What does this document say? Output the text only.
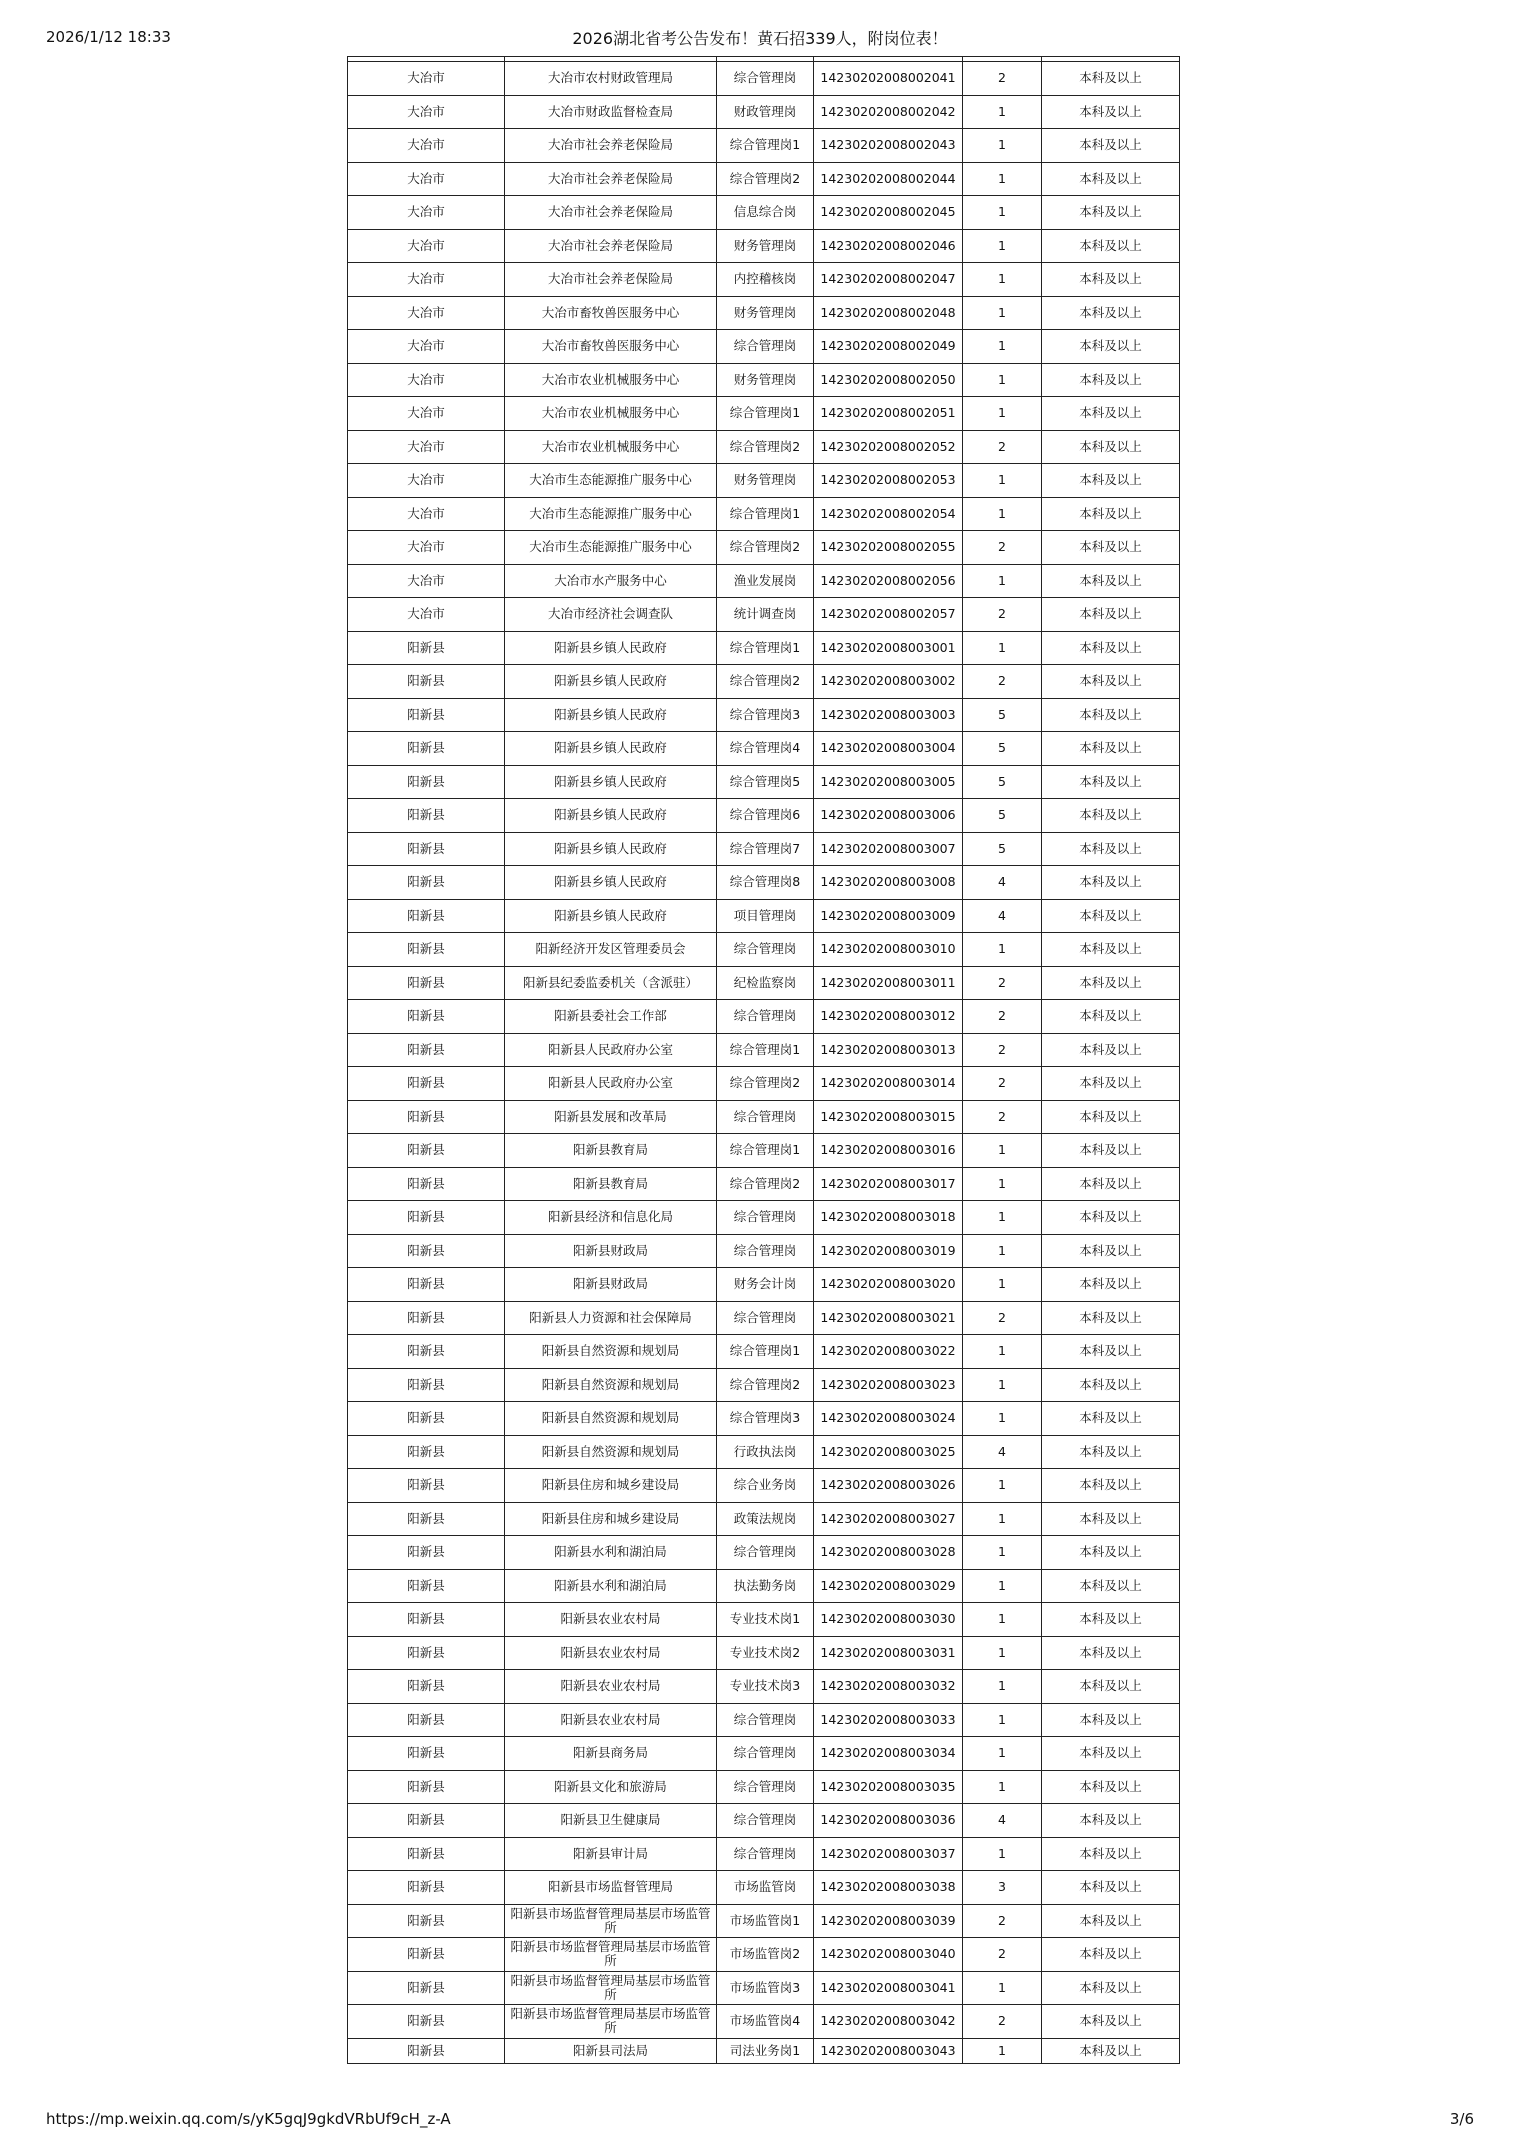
2026/1/12 18:33	2026湖北省考公告发布！黄石招339人，附岗位表！

大冶市	大冶市农村财政管理局	综合管理岗	14230202008002041	2	本科及以上
大冶市	大冶市财政监督检查局	财政管理岗	14230202008002042	1	本科及以上
大冶市	大冶市社会养老保险局	综合管理岗1	14230202008002043	1	本科及以上
大冶市	大冶市社会养老保险局	综合管理岗2	14230202008002044	1	本科及以上
大冶市	大冶市社会养老保险局	信息综合岗	14230202008002045	1	本科及以上
大冶市	大冶市社会养老保险局	财务管理岗	14230202008002046	1	本科及以上
大冶市	大冶市社会养老保险局	内控稽核岗	14230202008002047	1	本科及以上
大冶市	大冶市畜牧兽医服务中心	财务管理岗	14230202008002048	1	本科及以上
大冶市	大冶市畜牧兽医服务中心	综合管理岗	14230202008002049	1	本科及以上
大冶市	大冶市农业机械服务中心	财务管理岗	14230202008002050	1	本科及以上
大冶市	大冶市农业机械服务中心	综合管理岗1	14230202008002051	1	本科及以上
大冶市	大冶市农业机械服务中心	综合管理岗2	14230202008002052	2	本科及以上
大冶市	大冶市生态能源推广服务中心	财务管理岗	14230202008002053	1	本科及以上
大冶市	大冶市生态能源推广服务中心	综合管理岗1	14230202008002054	1	本科及以上
大冶市	大冶市生态能源推广服务中心	综合管理岗2	14230202008002055	2	本科及以上
大冶市	大冶市水产服务中心	渔业发展岗	14230202008002056	1	本科及以上
大冶市	大冶市经济社会调查队	统计调查岗	14230202008002057	2	本科及以上
阳新县	阳新县乡镇人民政府	综合管理岗1	14230202008003001	1	本科及以上
阳新县	阳新县乡镇人民政府	综合管理岗2	14230202008003002	2	本科及以上
阳新县	阳新县乡镇人民政府	综合管理岗3	14230202008003003	5	本科及以上
阳新县	阳新县乡镇人民政府	综合管理岗4	14230202008003004	5	本科及以上
阳新县	阳新县乡镇人民政府	综合管理岗5	14230202008003005	5	本科及以上
阳新县	阳新县乡镇人民政府	综合管理岗6	14230202008003006	5	本科及以上
阳新县	阳新县乡镇人民政府	综合管理岗7	14230202008003007	5	本科及以上
阳新县	阳新县乡镇人民政府	综合管理岗8	14230202008003008	4	本科及以上
阳新县	阳新县乡镇人民政府	项目管理岗	14230202008003009	4	本科及以上
阳新县	阳新经济开发区管理委员会	综合管理岗	14230202008003010	1	本科及以上
阳新县	阳新县纪委监委机关（含派驻）	纪检监察岗	14230202008003011	2	本科及以上
阳新县	阳新县委社会工作部	综合管理岗	14230202008003012	2	本科及以上
阳新县	阳新县人民政府办公室	综合管理岗1	14230202008003013	2	本科及以上
阳新县	阳新县人民政府办公室	综合管理岗2	14230202008003014	2	本科及以上
阳新县	阳新县发展和改革局	综合管理岗	14230202008003015	2	本科及以上
阳新县	阳新县教育局	综合管理岗1	14230202008003016	1	本科及以上
阳新县	阳新县教育局	综合管理岗2	14230202008003017	1	本科及以上
阳新县	阳新县经济和信息化局	综合管理岗	14230202008003018	1	本科及以上
阳新县	阳新县财政局	综合管理岗	14230202008003019	1	本科及以上
阳新县	阳新县财政局	财务会计岗	14230202008003020	1	本科及以上
阳新县	阳新县人力资源和社会保障局	综合管理岗	14230202008003021	2	本科及以上
阳新县	阳新县自然资源和规划局	综合管理岗1	14230202008003022	1	本科及以上
阳新县	阳新县自然资源和规划局	综合管理岗2	14230202008003023	1	本科及以上
阳新县	阳新县自然资源和规划局	综合管理岗3	14230202008003024	1	本科及以上
阳新县	阳新县自然资源和规划局	行政执法岗	14230202008003025	4	本科及以上
阳新县	阳新县住房和城乡建设局	综合业务岗	14230202008003026	1	本科及以上
阳新县	阳新县住房和城乡建设局	政策法规岗	14230202008003027	1	本科及以上
阳新县	阳新县水利和湖泊局	综合管理岗	14230202008003028	1	本科及以上
阳新县	阳新县水利和湖泊局	执法勤务岗	14230202008003029	1	本科及以上
阳新县	阳新县农业农村局	专业技术岗1	14230202008003030	1	本科及以上
阳新县	阳新县农业农村局	专业技术岗2	14230202008003031	1	本科及以上
阳新县	阳新县农业农村局	专业技术岗3	14230202008003032	1	本科及以上
阳新县	阳新县农业农村局	综合管理岗	14230202008003033	1	本科及以上
阳新县	阳新县商务局	综合管理岗	14230202008003034	1	本科及以上
阳新县	阳新县文化和旅游局	综合管理岗	14230202008003035	1	本科及以上
阳新县	阳新县卫生健康局	综合管理岗	14230202008003036	4	本科及以上
阳新县	阳新县审计局	综合管理岗	14230202008003037	1	本科及以上
阳新县	阳新县市场监督管理局	市场监管岗	14230202008003038	3	本科及以上
阳新县	阳新县市场监督管理局基层市场监管所	市场监管岗1	14230202008003039	2	本科及以上
阳新县	阳新县市场监督管理局基层市场监管所	市场监管岗2	14230202008003040	2	本科及以上
阳新县	阳新县市场监督管理局基层市场监管所	市场监管岗3	14230202008003041	1	本科及以上
阳新县	阳新县市场监督管理局基层市场监管所	市场监管岗4	14230202008003042	2	本科及以上
阳新县	阳新县司法局	司法业务岗1	14230202008003043	1	本科及以上
https://mp.weixin.qq.com/s/yK5gqJ9gkdVRbUf9cH_z-A	3/6
